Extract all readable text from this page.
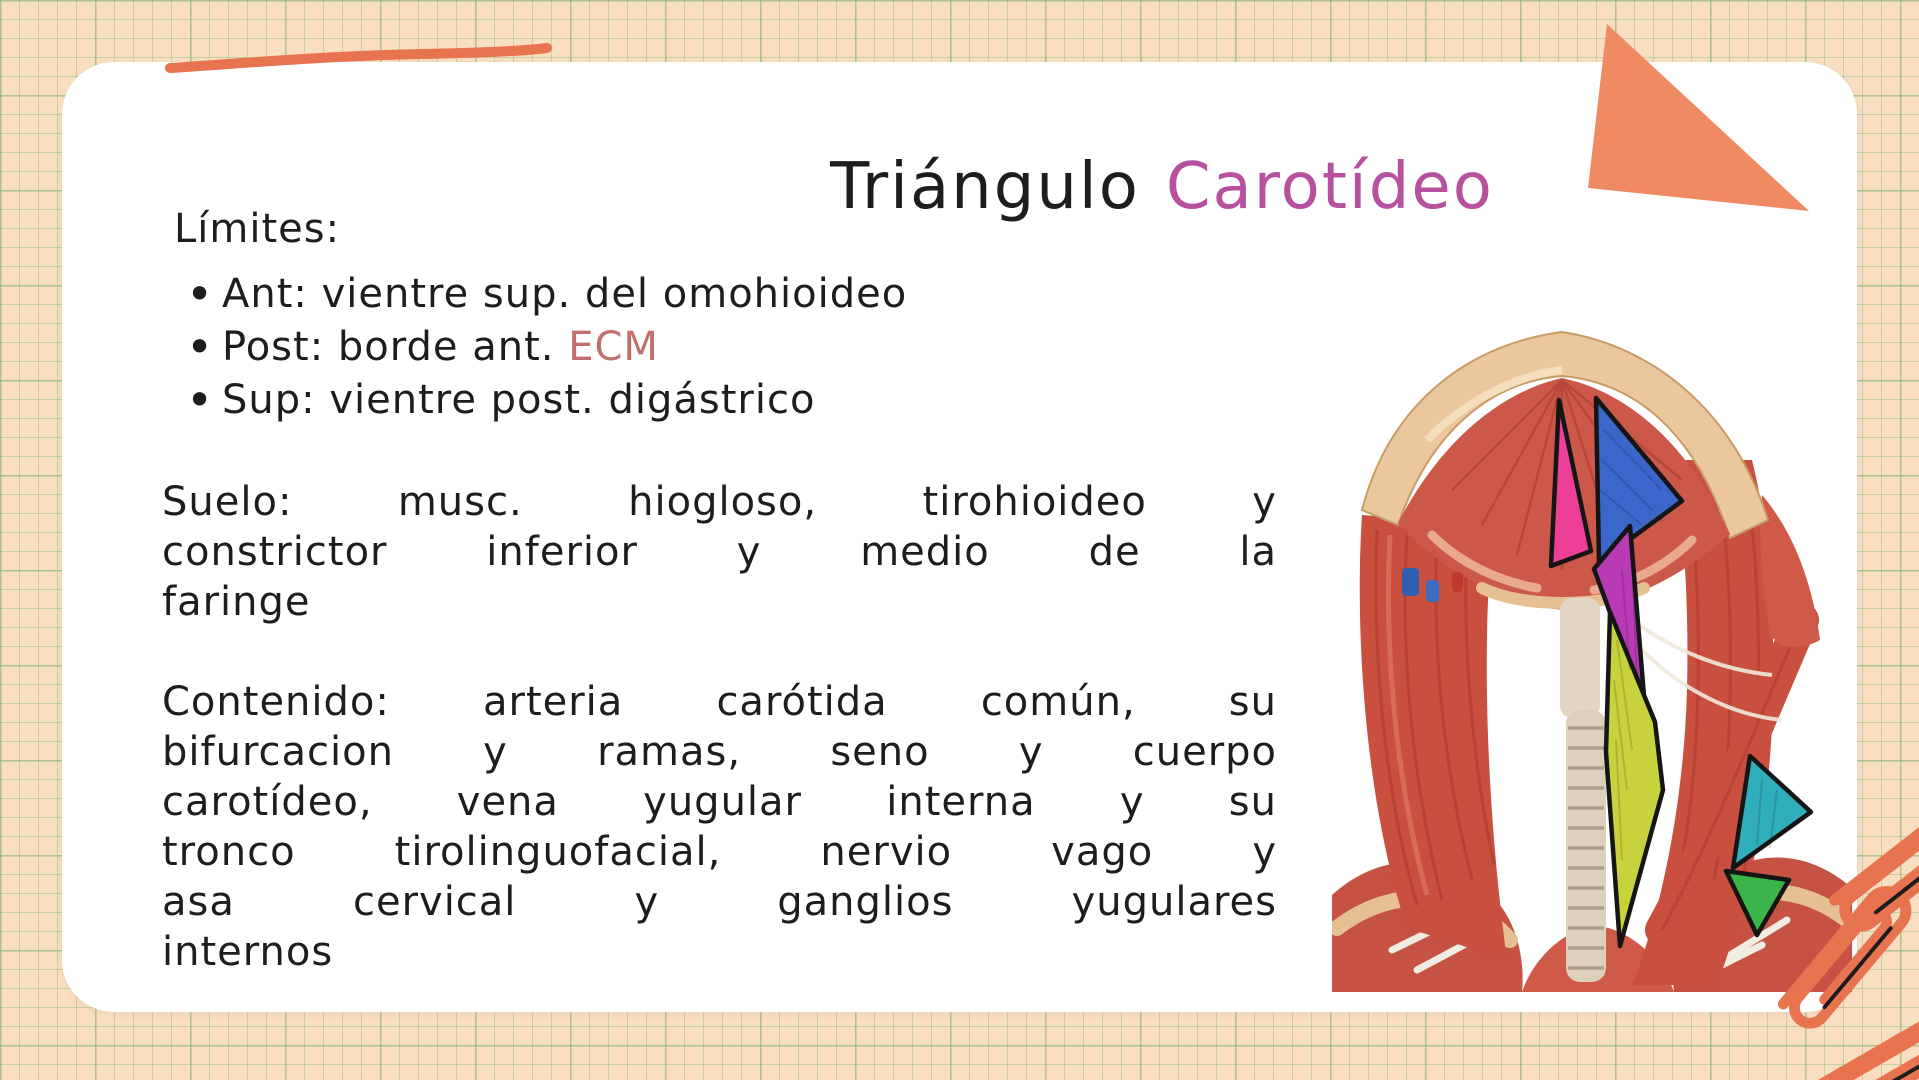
Triángulo Carotídeo
Límites:
• Ant: vientre sup. del omohioideo
• Post: borde ant. ECM
• Sup: vientre post. digástrico
Suelo:	musc.	hiogloso,	tirohioideo	y
constrictor inferior y medio de la
faringe
Contenido: arteria carótida común, su
bifurcacion y ramas, seno y cuerpo
carotídeo, vena yugular interna y su
tronco tirolinguofacial, nervio vago y
asa	cervical	y	ganglios	yugulares
internos
